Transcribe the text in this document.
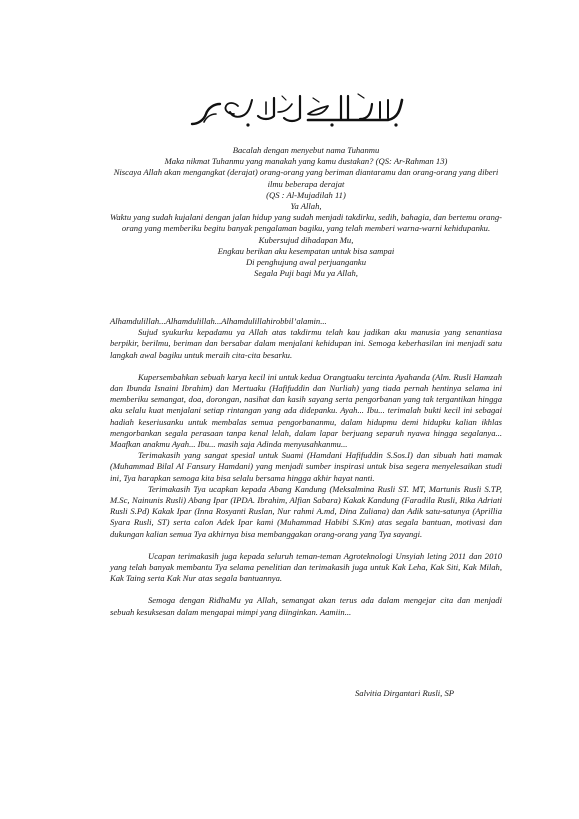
Bacalah dengan menyebut nama Tuhanmu
Maka nikmat Tuhanmu yang manakah yang kamu dustakan? (QS: Ar-Rahman 13)
Niscaya Allah akan mengangkat (derajat) orang-orang yang beriman diantaramu dan orang-orang yang diberi ilmu beberapa derajat
(QS : Al-Mujadilah 11)
Ya Allah,
Waktu yang sudah kujalani dengan jalan hidup yang sudah menjadi takdirku, sedih, bahagia, dan bertemu orang-orang yang memberiku begitu banyak pengalaman bagiku, yang telah memberi warna-warni kehidupanku. Kubersujud dihadapan Mu,
Engkau berikan aku kesempatan untuk bisa sampai
Di penghujung awal perjuanganku
Segala Puji bagi Mu ya Allah,

Alhamdulillah...Alhamdulillah...Alhamdulillahirobbil’alamin...

Sujud syukurku kepadamu ya Allah atas takdirmu telah kau jadikan aku manusia yang senantiasa berpikir, berilmu, beriman dan bersabar dalam menjalani kehidupan ini. Semoga keberhasilan ini menjadi satu langkah awal bagiku untuk meraih cita-cita besarku.

Kupersembahkan sebuah karya kecil ini untuk kedua Orangtuaku tercinta Ayahanda (Alm. Rusli Hamzah dan Ibunda Isnaini Ibrahim) dan Mertuaku (Hafifuddin dan Nurliah) yang tiada pernah hentinya selama ini memberiku semangat, doa, dorongan, nasihat dan kasih sayang serta pengorbanan yang tak tergantikan hingga aku selalu kuat menjalani setiap rintangan yang ada didepanku. Ayah... Ibu... terimalah bukti kecil ini sebagai hadiah keseriusanku untuk membalas semua pengorbananmu, dalam hidupmu demi hidupku kalian ikhlas mengorbankan segala perasaan tanpa kenal lelah, dalam lapar berjuang separuh nyawa hingga segalanya... Maafkan anakmu Ayah... Ibu... masih saja Adinda menyusahkanmu...

Terimakasih yang sangat spesial untuk Suami (Hamdani Hafifuddin S.Sos.I) dan sibuah hati mamak (Muhammad Bilal Al Fansury Hamdani) yang menjadi sumber inspirasi untuk bisa segera menyelesaikan studi ini, Tya harapkan semoga kita bisa selalu bersama hingga akhir hayat nanti.

Terimakasih Tya ucapkan kepada Abang Kandung (Meksalmina Rusli ST. MT, Martunis Rusli S.TP, M.Sc, Nainunis Rusli) Abang Ipar (IPDA. Ibrahim, Alfian Sabara) Kakak Kandung (Faradila Rusli, Rika Adriati Rusli S.Pd) Kakak Ipar (Inna Rosyanti Ruslan, Nur rahmi A.md, Dina Zuliana) dan Adik satu-satunya (Aprillia Syara Rusli, ST) serta calon Adek Ipar kami (Muhammad Habibi S.Km) atas segala bantuan, motivasi dan dukungan kalian semua Tya akhirnya bisa membanggakan orang-orang yang Tya sayangi.

Ucapan terimakasih juga kepada seluruh teman-teman Agroteknologi Unsyiah leting 2011 dan 2010 yang telah banyak membantu Tya selama penelitian dan terimakasih juga untuk Kak Leha, Kak Siti, Kak Milah, Kak Taing serta Kak Nur atas segala bantuannya.

Semoga dengan RidhaMu ya Allah, semangat akan terus ada dalam mengejar cita dan menjadi sebuah kesuksesan dalam mengapai mimpi yang diinginkan. Aamiin...

Salvitia Dirgantari Rusli, SP
